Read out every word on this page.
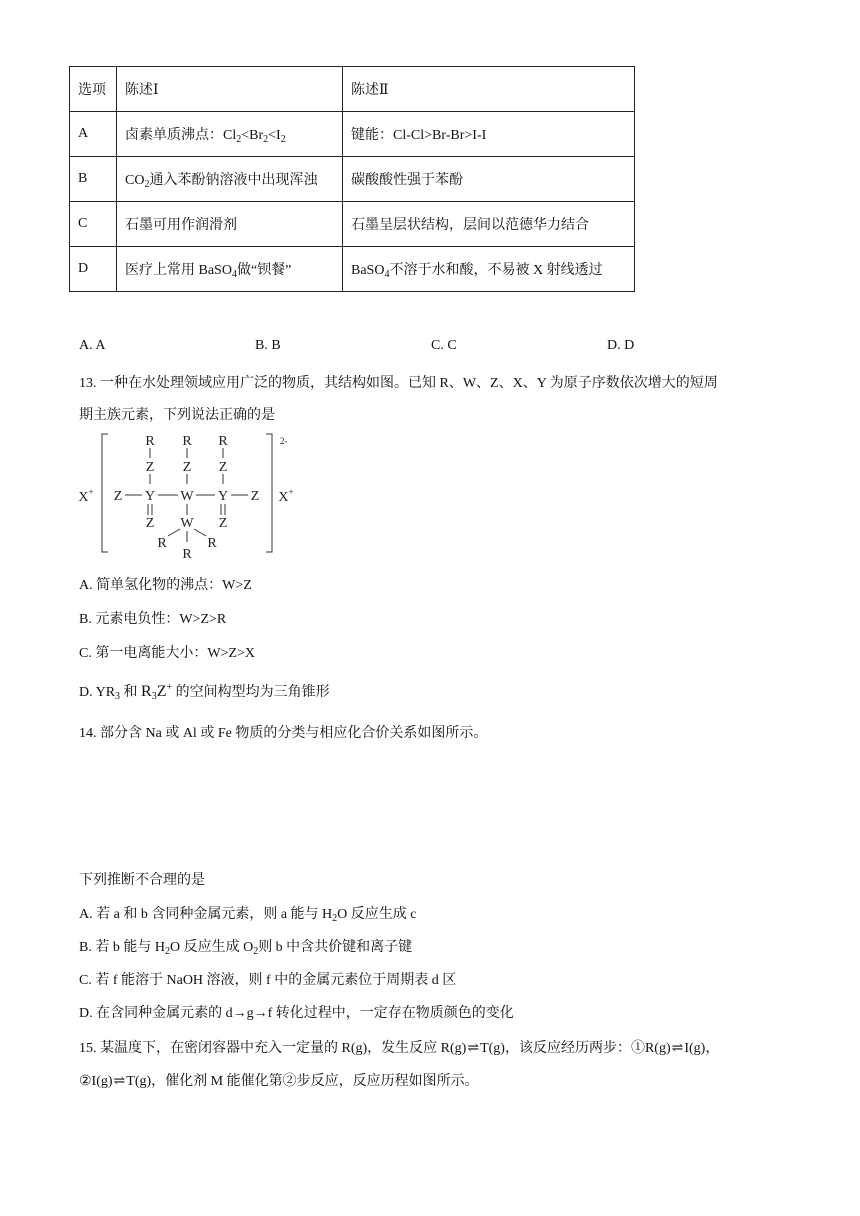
选项	陈述Ⅰ	陈述Ⅱ
A	卤素单质沸点：$Cl_2<Br_2<I_2$	键能：Cl-Cl>Br-Br>I-I
B	$CO_2$通入苯酚钠溶液中出现浑浊	碳酸酸性强于苯酚
C	石墨可用作润滑剂	石墨呈层状结构，层间以范德华力结合
D	医疗上常用 BaSO$_4$做“钡餐”	BaSO$_4$不溶于水和酸，不易被 X 射线透过
A. A	B. B	C. C	D. D
13. 一种在水处理领域应用广泛的物质，其结构如图。已知 R、W、Z、X、Y 为原子序数依次增大的短周
期主族元素，下列说法正确的是
X+
2-
X+
R R R
Z Z Z
Z Y W Y Z
Z	Z
W
R	R
R
A. 简单氢化物的沸点：W>Z
B. 元素电负性：W>Z>R
C. 第一电离能大小：W>Z>X
D. $YR_3$ 和 $R_3Z^+$ 的空间构型均为三角锥形
14. 部分含 Na 或 Al 或 Fe 物质的分类与相应化合价关系如图所示。
下列推断不合理的是
A. 若 a 和 b 含同种金属元素，则 a 能与 $H_2O$ 反应生成 c
B. 若 b 能与 $H_2O$ 反应生成 $O_2$则 b 中含共价键和离子键
C. 若 f 能溶于 NaOH 溶液，则 f 中的金属元素位于周期表 d 区
D. 在含同种金属元素的 d→g→f 转化过程中，一定存在物质颜色的变化
15. 某温度下，在密闭容器中充入一定量的 R(g)，发生反应 R(g)⇌T(g)，该反应经历两步：①R(g)⇌I(g)，
②I(g)⇌T(g)，催化剂 M 能催化第②步反应，反应历程如图所示。
